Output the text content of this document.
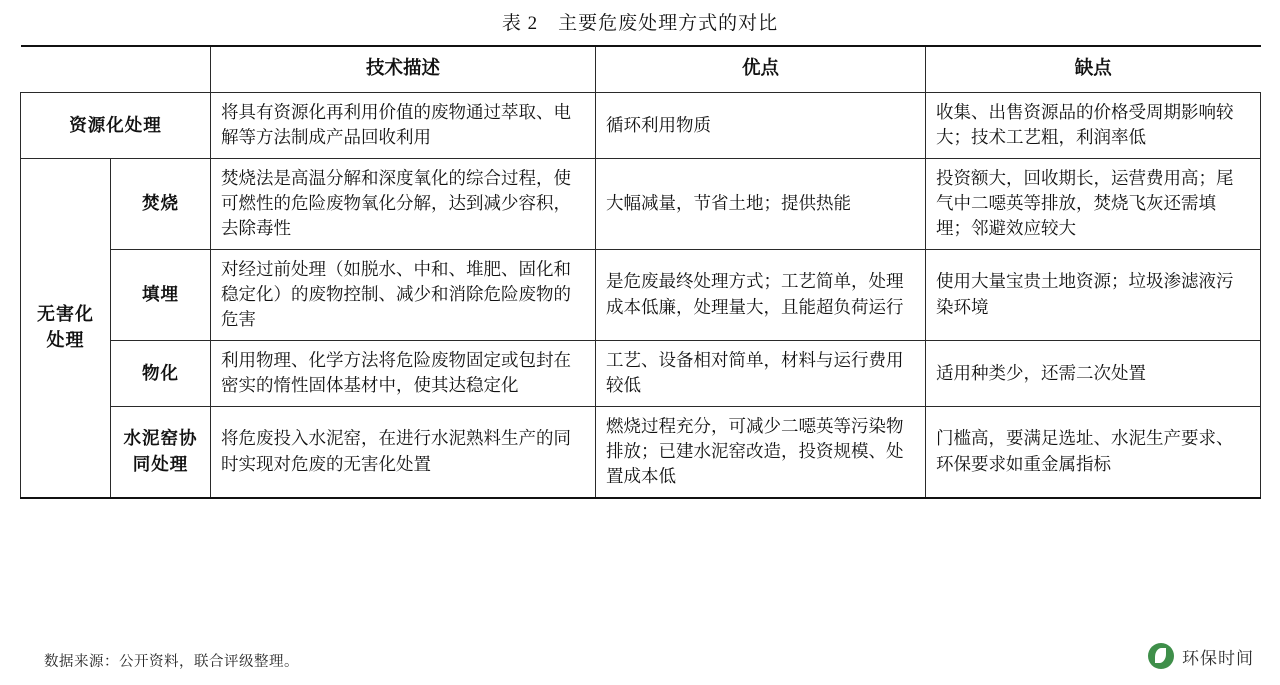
表 2　主要危废处理方式的对比
		技术描述	优点	缺点
资源化处理		将具有资源化再利用价值的废物通过萃取、电解等方法制成产品回收利用	循环利用物质	收集、出售资源品的价格受周期影响较大；技术工艺粗，利润率低
无害化处理	焚烧	焚烧法是高温分解和深度氧化的综合过程，使可燃性的危险废物氧化分解，达到减少容积，去除毒性	大幅减量，节省土地；提供热能	投资额大，回收期长，运营费用高；尾气中二噁英等排放，焚烧飞灰还需填埋；邻避效应较大
	填埋	对经过前处理（如脱水、中和、堆肥、固化和稳定化）的废物控制、减少和消除危险废物的危害	是危废最终处理方式；工艺简单，处理成本低廉，处理量大，且能超负荷运行	使用大量宝贵土地资源；垃圾渗滤液污染环境
	物化	利用物理、化学方法将危险废物固定或包封在密实的惰性固体基材中，使其达稳定化	工艺、设备相对简单，材料与运行费用较低	适用种类少，还需二次处置
	水泥窑协同处理	将危废投入水泥窑，在进行水泥熟料生产的同时实现对危废的无害化处置	燃烧过程充分，可减少二噁英等污染物排放；已建水泥窑改造，投资规模、处置成本低	门槛高，要满足选址、水泥生产要求、环保要求如重金属指标
数据来源：公开资料，联合评级整理。	环保时间
